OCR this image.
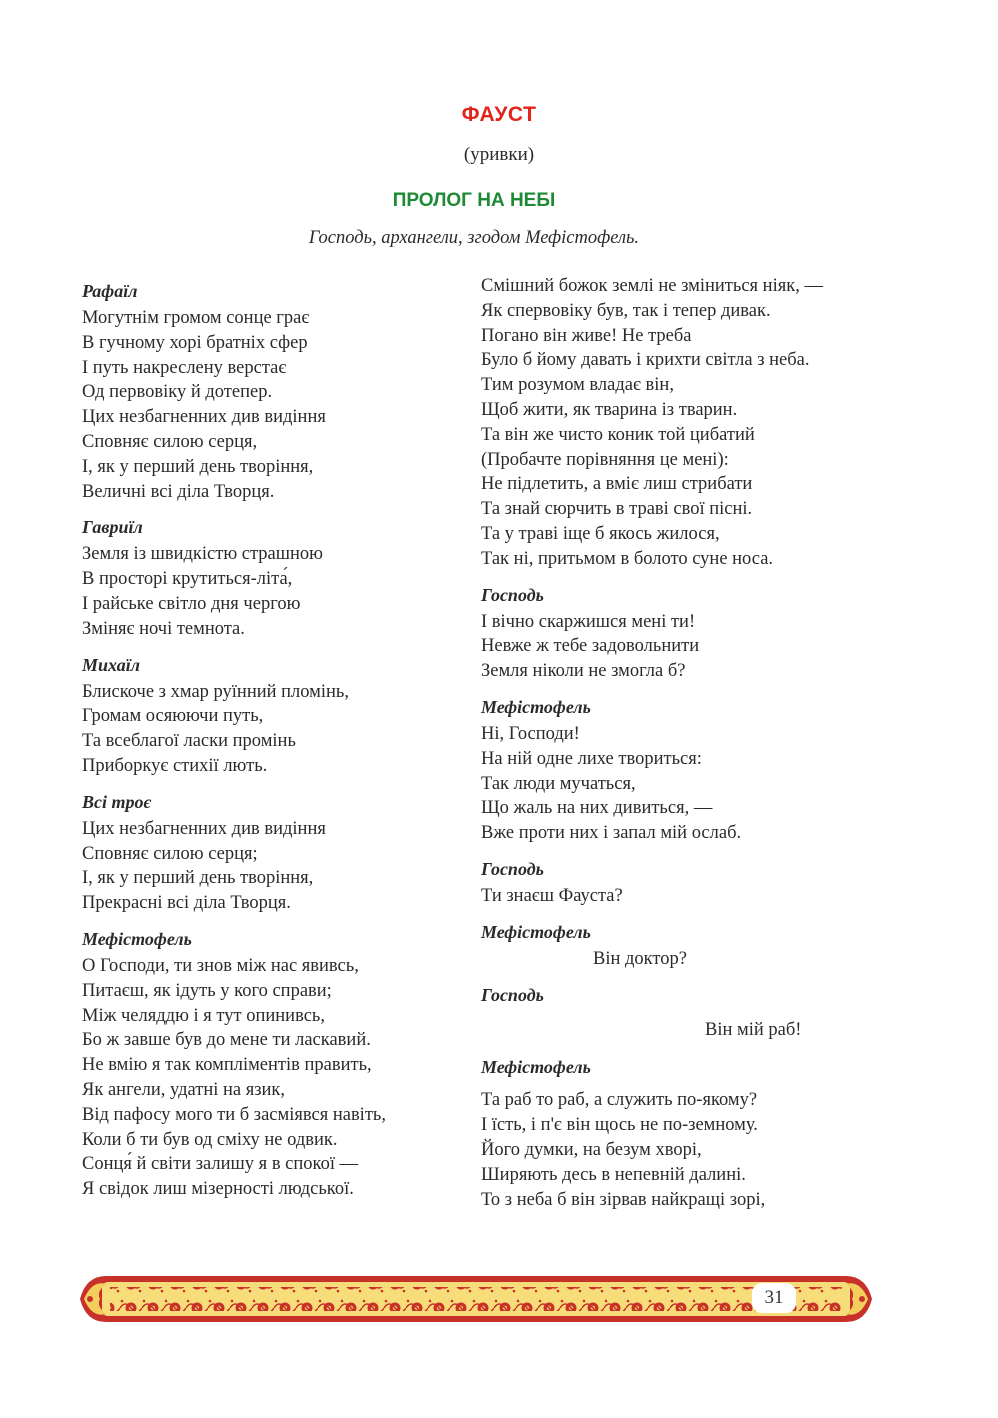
ФАУСТ
(уривки)
ПРОЛОГ НА НЕБІ
Господь, архангели, згодом Мефістофель.
Рафаїл
Могутнім громом сонце грає
В гучному хорі братніх сфер
І путь накреслену верстає
Од первовіку й дотепер.
Цих незбагненних див видіння
Сповняє силою серця,
І, як у перший день творіння,
Величні всі діла Творця.
Гавриїл
Земля із швидкістю страшною
В просторі крутиться-літа́,
І райське світло дня чергою
Зміняє ночі темнота.
Михаїл
Блискоче з хмар руїнний пломінь,
Громам осяюючи путь,
Та всеблагої ласки промінь
Приборкує стихії лють.
Всі троє
Цих незбагненних див видіння
Сповняє силою серця;
І, як у перший день творіння,
Прекрасні всі діла Творця.
Мефістофель
О Господи, ти знов між нас явивсь,
Питаєш, як ідуть у кого справи;
Між челяддю і я тут опинивсь,
Бо ж завше був до мене ти ласкавий.
Не вмію я так компліментів править,
Як ангели, удатні на язик,
Від пафосу мого ти б засміявся навіть,
Коли б ти був од сміху не одвик.
Сонця́ й світи залишу я в спокої —
Я свідок лиш мізерності людської.
Смішний божок землі не зміниться ніяк, —
Як спервовіку був, так і тепер дивак.
Погано він живе! Не треба
Було б йому давать і крихти світла з неба.
Тим розумом владає він,
Щоб жити, як тварина із тварин.
Та він же чисто коник той цибатий
(Пробачте порівняння це мені):
Не підлетить, а вміє лиш стрибати
Та знай сюрчить в траві свої пісні.
Та у траві іще б якось жилося,
Так ні, притьмом в болото суне носа.
Господь
І вічно скаржишся мені ти!
Невже ж тебе задовольнити
Земля ніколи не змогла б?
Мефістофель
Ні, Господи!
На ній одне лихе твориться:
Так люди мучаться,
Що жаль на них дивиться, —
Вже проти них і запал мій ослаб.
Господь
Ти знаєш Фауста?
Мефістофель
Він доктор?
Господь
Він мій раб!
Мефістофель
Та раб то раб, а служить по-якому?
І їсть, і п'є він щось не по-земному.
Його думки, на безум хворі,
Ширяють десь в непевній далині.
То з неба б він зірвав найкращі зорі,
31
